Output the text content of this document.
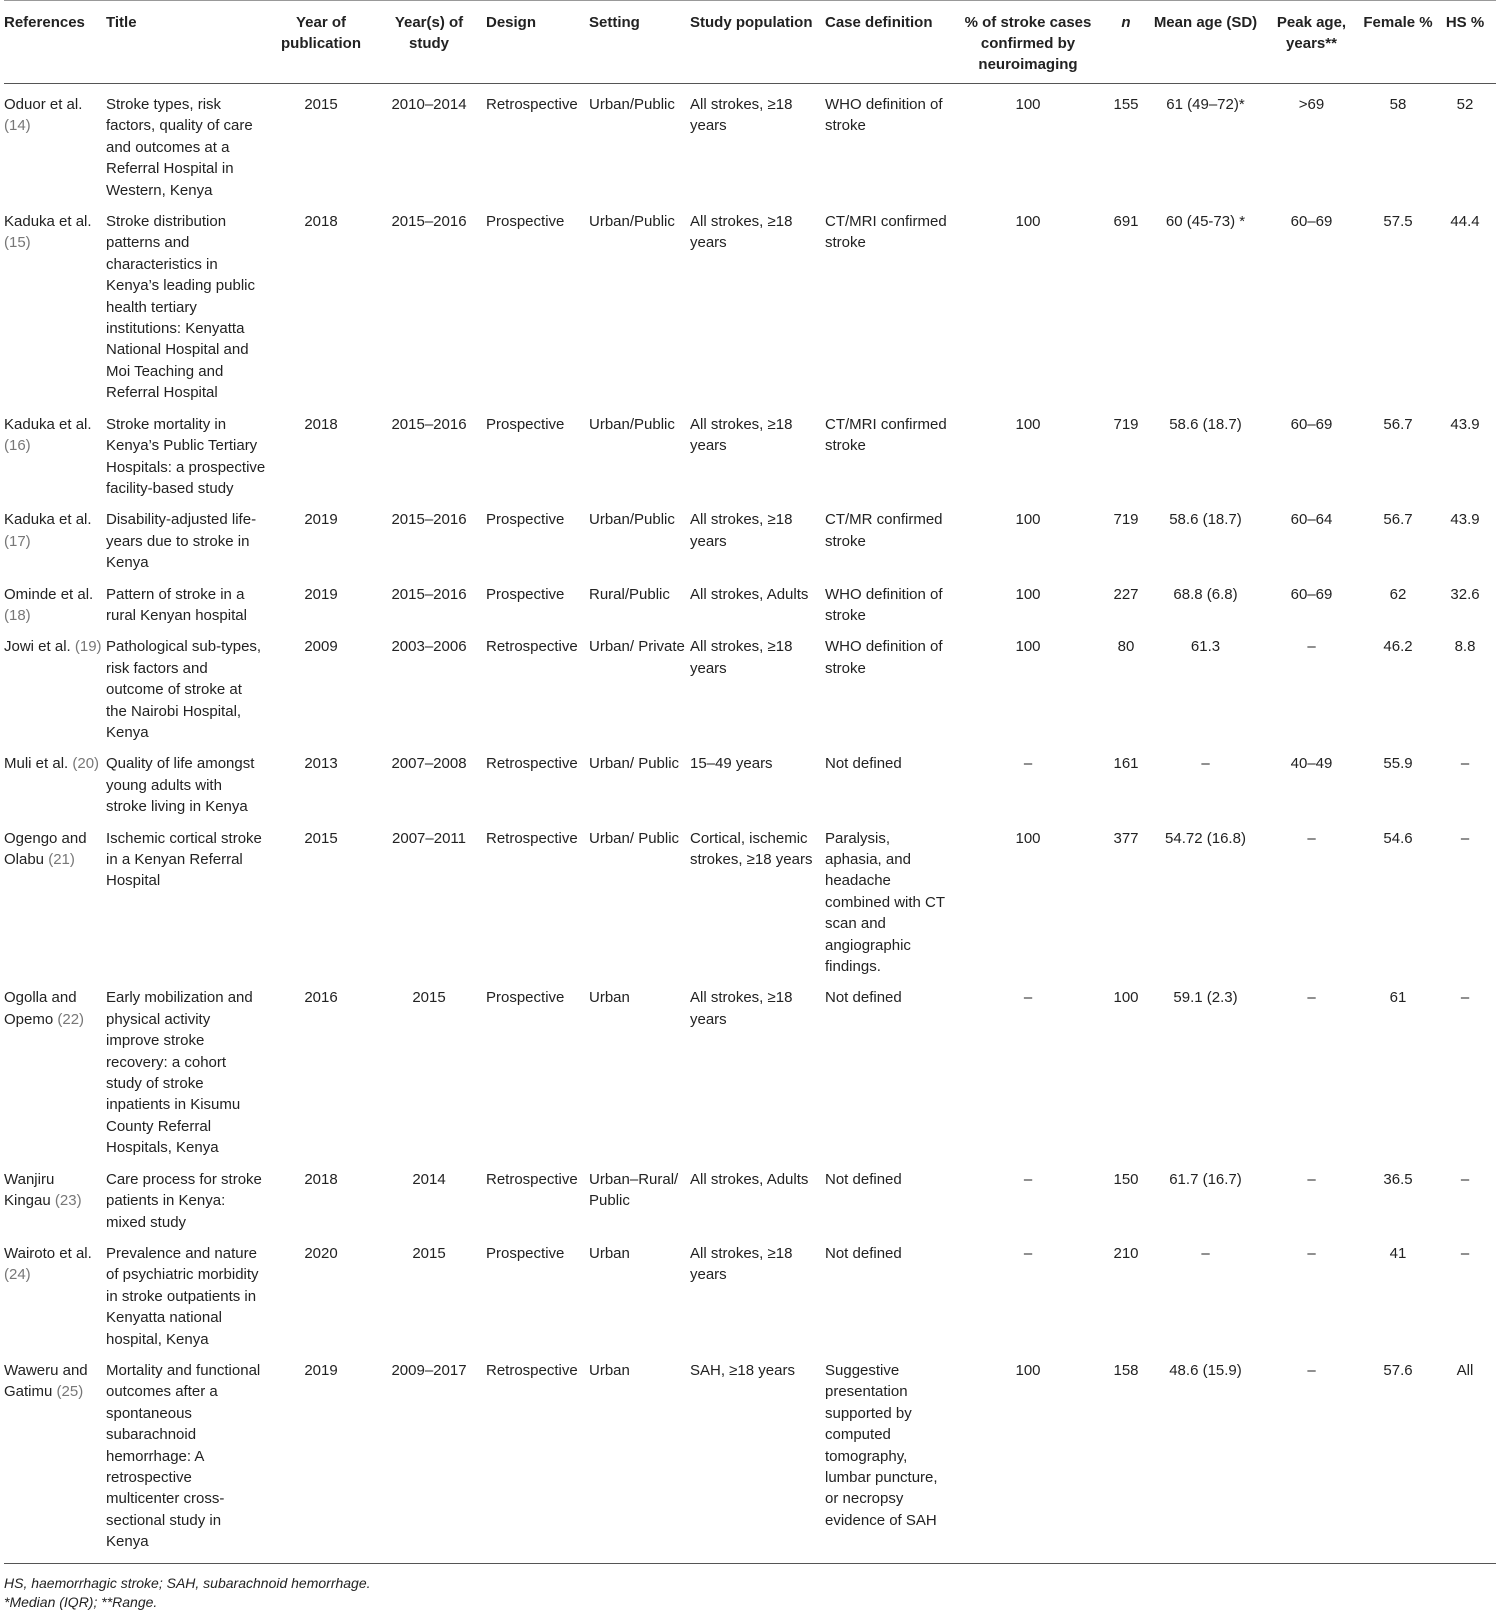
References	Title	Year of publication	Year(s) of study	Design	Setting	Study population	Case definition	% of stroke cases confirmed by neuroimaging	n	Mean age (SD)	Peak age, years**	Female %	HS %
Oduor et al. (14)	Stroke types, risk factors, quality of care and outcomes at a Referral Hospital in Western, Kenya	2015	2010–2014	Retrospective	Urban/Public	All strokes, ≥18 years	WHO definition of stroke	100	155	61 (49–72)*	>69	58	52
Kaduka et al. (15)	Stroke distribution patterns and characteristics in Kenya’s leading public health tertiary institutions: Kenyatta National Hospital and Moi Teaching and Referral Hospital	2018	2015–2016	Prospective	Urban/Public	All strokes, ≥18 years	CT/MRI confirmed stroke	100	691	60 (45-73) *	60–69	57.5	44.4
Kaduka et al. (16)	Stroke mortality in Kenya’s Public Tertiary Hospitals: a prospective facility-based study	2018	2015–2016	Prospective	Urban/Public	All strokes, ≥18 years	CT/MRI confirmed stroke	100	719	58.6 (18.7)	60–69	56.7	43.9
Kaduka et al. (17)	Disability-adjusted life-years due to stroke in Kenya	2019	2015–2016	Prospective	Urban/Public	All strokes, ≥18 years	CT/MR confirmed stroke	100	719	58.6 (18.7)	60–64	56.7	43.9
Ominde et al. (18)	Pattern of stroke in a rural Kenyan hospital	2019	2015–2016	Prospective	Rural/Public	All strokes, Adults	WHO definition of stroke	100	227	68.8 (6.8)	60–69	62	32.6
Jowi et al. (19)	Pathological sub-types, risk factors and outcome of stroke at the Nairobi Hospital, Kenya	2009	2003–2006	Retrospective	Urban/ Private	All strokes, ≥18 years	WHO definition of stroke	100	80	61.3	–	46.2	8.8
Muli et al. (20)	Quality of life amongst young adults with stroke living in Kenya	2013	2007–2008	Retrospective	Urban/ Public	15–49 years	Not defined	–	161	–	40–49	55.9	–
Ogengo and Olabu (21)	Ischemic cortical stroke in a Kenyan Referral Hospital	2015	2007–2011	Retrospective	Urban/ Public	Cortical, ischemic strokes, ≥18 years	Paralysis, aphasia, and headache combined with CT scan and angiographic findings.	100	377	54.72 (16.8)	–	54.6	–
Ogolla and Opemo (22)	Early mobilization and physical activity improve stroke recovery: a cohort study of stroke inpatients in Kisumu County Referral Hospitals, Kenya	2016	2015	Prospective	Urban	All strokes, ≥18 years	Not defined	–	100	59.1 (2.3)	–	61	–
Wanjiru Kingau (23)	Care process for stroke patients in Kenya: mixed study	2018	2014	Retrospective	Urban–Rural/ Public	All strokes, Adults	Not defined	–	150	61.7 (16.7)	–	36.5	–
Wairoto et al. (24)	Prevalence and nature of psychiatric morbidity in stroke outpatients in Kenyatta national hospital, Kenya	2020	2015	Prospective	Urban	All strokes, ≥18 years	Not defined	–	210	–	–	41	–
Waweru and Gatimu (25)	Mortality and functional outcomes after a spontaneous subarachnoid hemorrhage: A retrospective multicenter cross-sectional study in Kenya	2019	2009–2017	Retrospective	Urban	SAH, ≥18 years	Suggestive presentation supported by computed tomography, lumbar puncture, or necropsy evidence of SAH	100	158	48.6 (15.9)	–	57.6	All

HS, haemorrhagic stroke; SAH, subarachnoid hemorrhage.

*Median (IQR); **Range.
